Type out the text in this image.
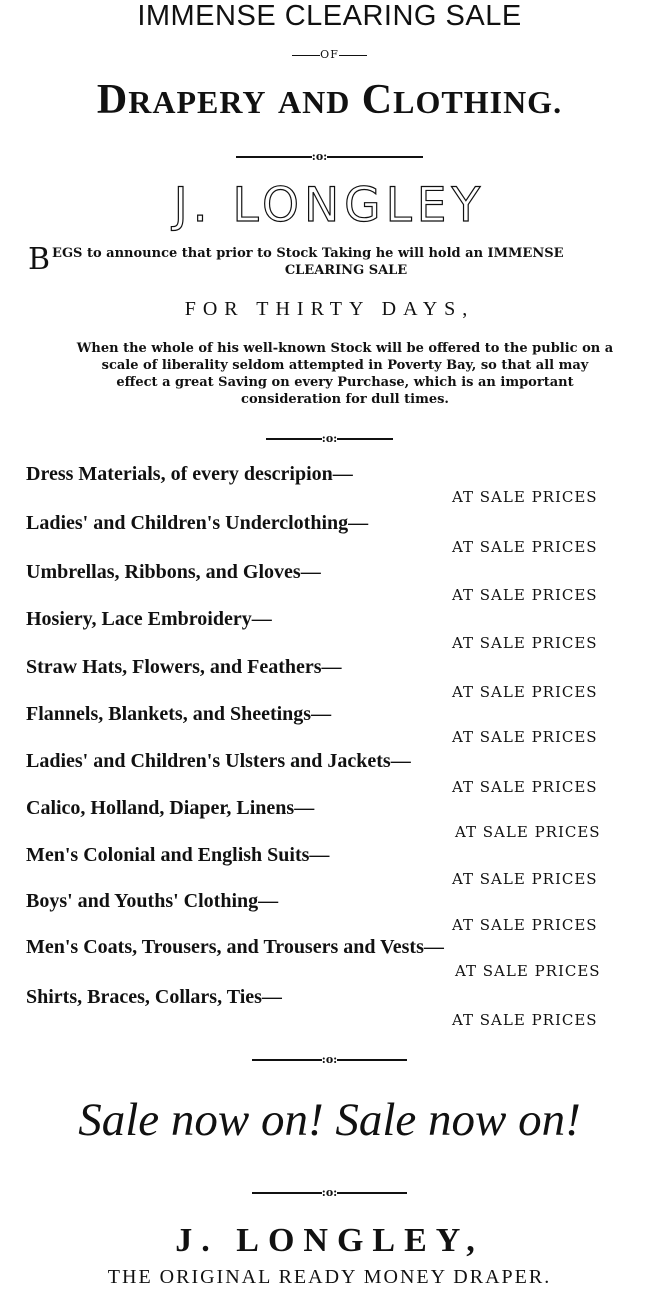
IMMENSE CLEARING SALE
OF
DRAPERY AND CLOTHING.
:o:
J. LONGLEY
B EGS to announce that prior to Stock Taking he will hold an IMMENSE
CLEARING SALE
FOR THIRTY DAYS,
When the whole of his well-known Stock will be offered to the public on a
scale of liberality seldom attempted in Poverty Bay, so that all may
effect a great Saving on every Purchase, which is an important
consideration for dull times.
:o:
Dress Materials, of every descripion—
AT SALE PRICES
Ladies' and Children's Underclothing—
AT SALE PRICES
Umbrellas, Ribbons, and Gloves—
AT SALE PRICES
Hosiery, Lace Embroidery—
AT SALE PRICES
Straw Hats, Flowers, and Feathers—
AT SALE PRICES
Flannels, Blankets, and Sheetings—
AT SALE PRICES
Ladies' and Children's Ulsters and Jackets—
AT SALE PRICES
Calico, Holland, Diaper, Linens—
AT SALE PRICES
Men's Colonial and English Suits—
AT SALE PRICES
Boys' and Youths' Clothing—
AT SALE PRICES
Men's Coats, Trousers, and Trousers and Vests—
AT SALE PRICES
Shirts, Braces, Collars, Ties—
AT SALE PRICES
:o:
Sale now on! Sale now on!
:o:
J. LONGLEY,
THE ORIGINAL READY MONEY DRAPER.
